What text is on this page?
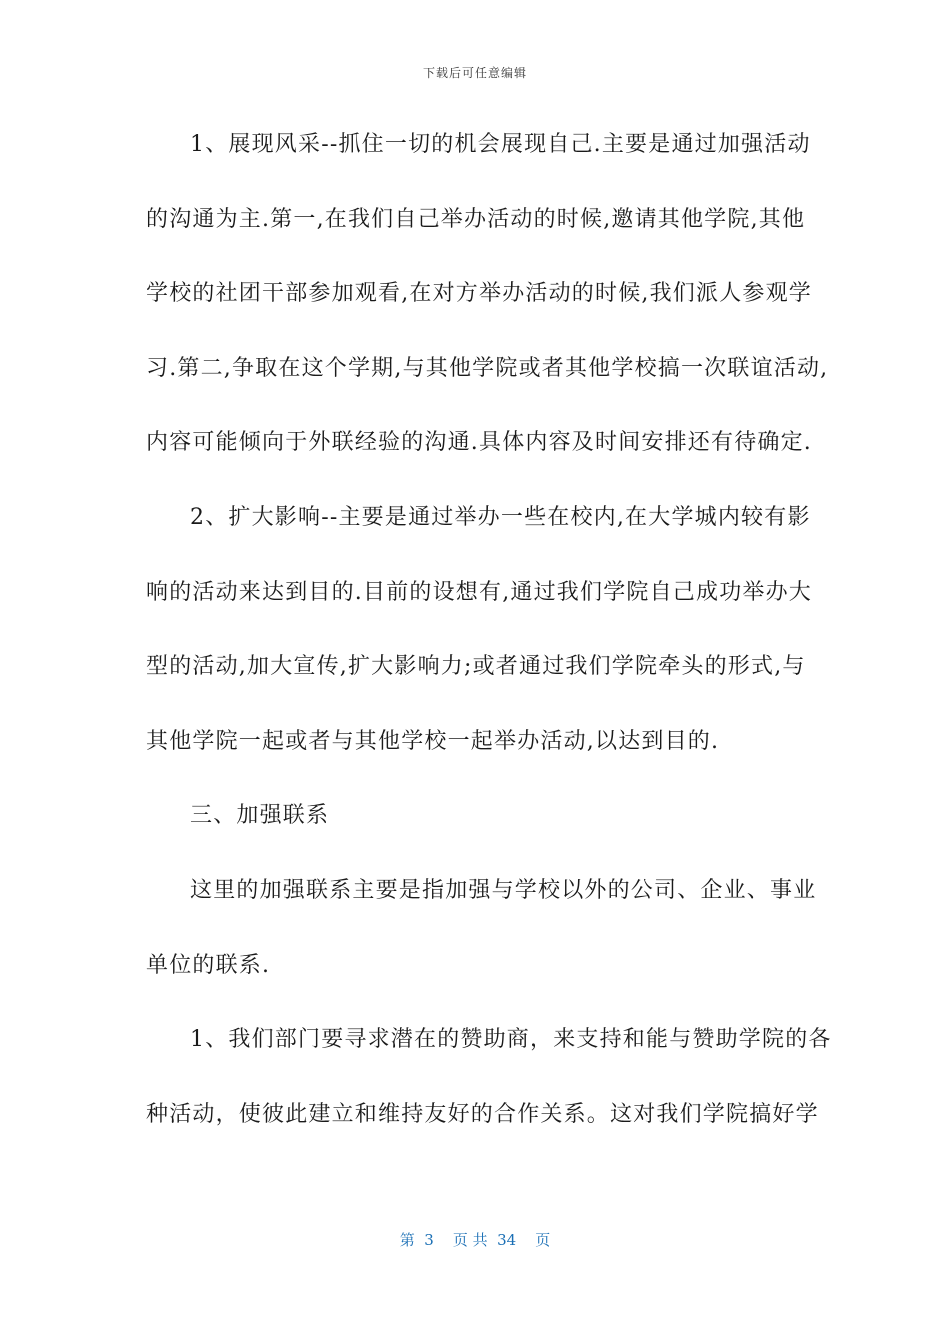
下载后可任意编辑
1、展现风采--抓住一切的机会展现自己.主要是通过加强活动
的沟通为主.第一,在我们自己举办活动的时候,邀请其他学院,其他
学校的社团干部参加观看,在对方举办活动的时候,我们派人参观学
习.第二,争取在这个学期,与其他学院或者其他学校搞一次联谊活动,
内容可能倾向于外联经验的沟通.具体内容及时间安排还有待确定.
2、扩大影响--主要是通过举办一些在校内,在大学城内较有影
响的活动来达到目的.目前的设想有,通过我们学院自己成功举办大
型的活动,加大宣传,扩大影响力;或者通过我们学院牵头的形式,与
其他学院一起或者与其他学校一起举办活动,以达到目的.
三、加强联系
这里的加强联系主要是指加强与学校以外的公司、企业、事业
单位的联系.
1、我们部门要寻求潜在的赞助商，来支持和能与赞助学院的各
种活动，使彼此建立和维持友好的合作关系。这对我们学院搞好学
第  3    页 共  34    页
